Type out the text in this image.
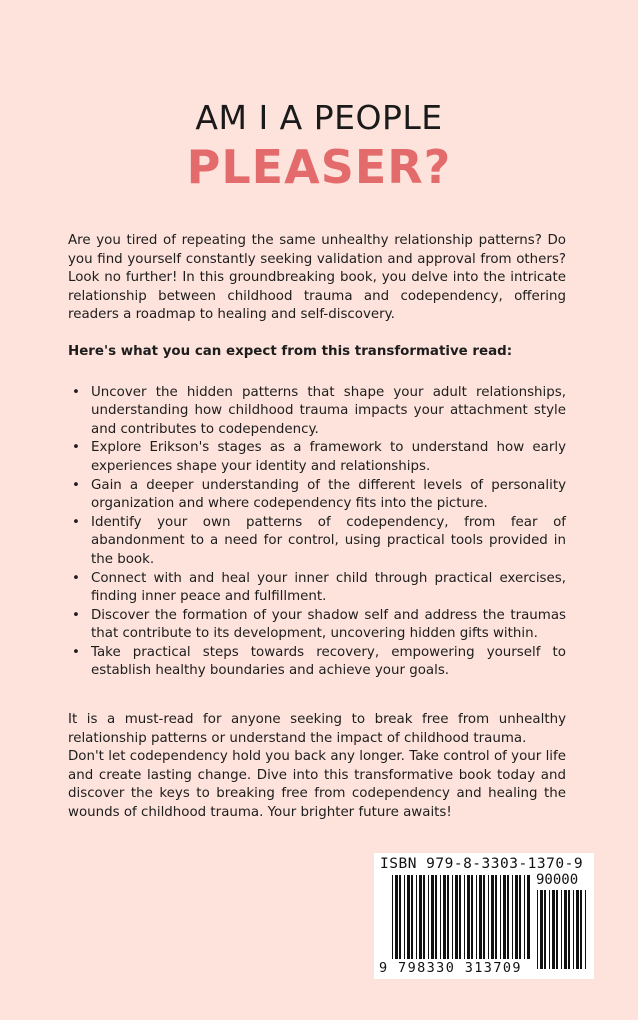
AM I A PEOPLE
PLEASER?

Are you tired of repeating the same unhealthy relationship patterns? Do you find yourself constantly seeking validation and approval from others? Look no further! In this groundbreaking book, you delve into the intricate relationship between childhood trauma and codependency, offering readers a roadmap to healing and self-discovery.

Here's what you can expect from this transformative read:

• Uncover the hidden patterns that shape your adult relationships, understanding how childhood trauma impacts your attachment style and contributes to codependency.
• Explore Erikson's stages as a framework to understand how early experiences shape your identity and relationships.
• Gain a deeper understanding of the different levels of personality organization and where codependency fits into the picture.
• Identify your own patterns of codependency, from fear of abandonment to a need for control, using practical tools provided in the book.
• Connect with and heal your inner child through practical exercises, finding inner peace and fulfillment.
• Discover the formation of your shadow self and address the traumas that contribute to its development, uncovering hidden gifts within.
• Take practical steps towards recovery, empowering yourself to establish healthy boundaries and achieve your goals.

It is a must-read for anyone seeking to break free from unhealthy relationship patterns or understand the impact of childhood trauma.

Don't let codependency hold you back any longer. Take control of your life and create lasting change. Dive into this transformative book today and discover the keys to breaking free from codependency and healing the wounds of childhood trauma. Your brighter future awaits!

ISBN 979-8-3303-1370-9
90000
9 798330 313709
